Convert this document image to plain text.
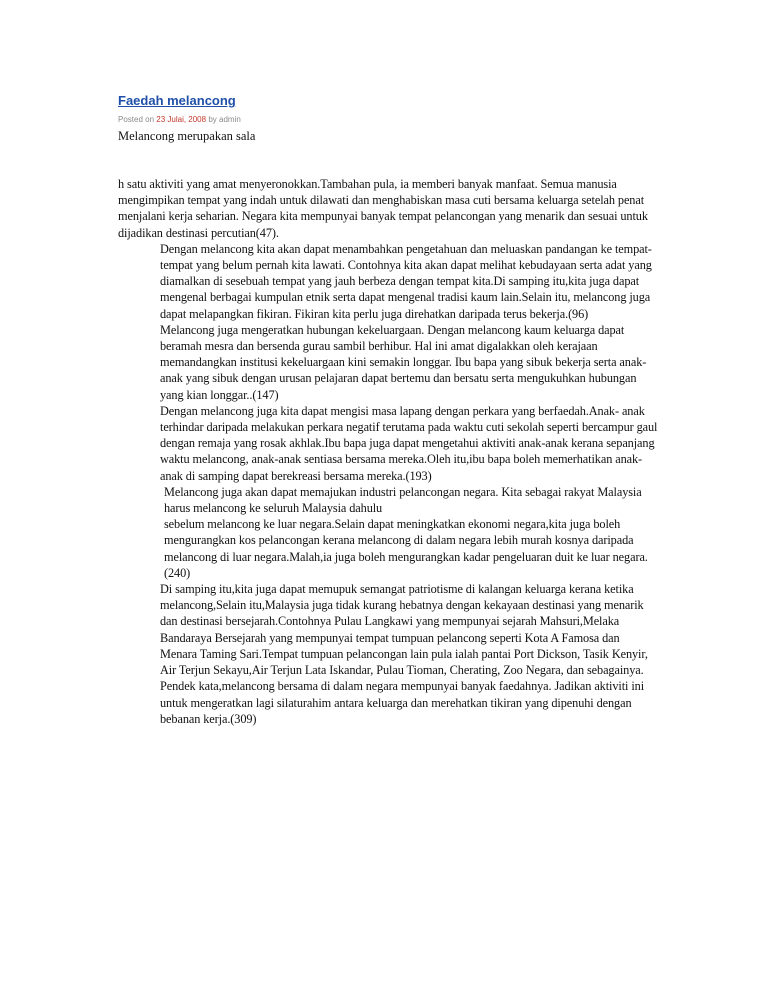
Faedah melancong
Posted on 23 Julai, 2008 by admin
Melancong merupakan sala

h satu aktiviti yang amat menyeronokkan.Tambahan pula, ia memberi banyak manfaat. Semua manusia mengimpikan tempat yang indah untuk dilawati dan menghabiskan masa cuti bersama keluarga setelah penat menjalani kerja seharian. Negara kita mempunyai banyak tempat pelancongan yang menarik dan sesuai untuk dijadikan destinasi percutian(47).

Dengan melancong kita akan dapat menambahkan pengetahuan dan meluaskan pandangan ke tempat-tempat yang belum pernah kita lawati. Contohnya kita akan dapat melihat kebudayaan serta adat yang diamalkan di sesebuah tempat yang jauh berbeza dengan tempat kita.Di samping itu,kita juga dapat mengenal berbagai kumpulan etnik serta dapat mengenal tradisi kaum lain.Selain itu, melancong juga dapat melapangkan fikiran. Fikiran kita perlu juga direhatkan daripada terus bekerja.(96)

Melancong juga mengeratkan hubungan kekeluargaan. Dengan melancong kaum keluarga dapat beramah mesra dan bersenda gurau sambil berhibur. Hal ini amat digalakkan oleh kerajaan memandangkan institusi kekeluargaan kini semakin longgar. Ibu bapa yang sibuk bekerja serta anak-anak yang sibuk dengan urusan pelajaran dapat bertemu dan bersatu serta mengukuhkan hubungan yang kian longgar..(147)

Dengan melancong juga kita dapat mengisi masa lapang dengan perkara yang berfaedah.Anak- anak terhindar daripada melakukan perkara negatif terutama pada waktu cuti sekolah seperti bercampur gaul dengan remaja yang rosak akhlak.Ibu bapa juga dapat mengetahui aktiviti anak-anak kerana sepanjang waktu melancong, anak-anak sentiasa bersama mereka.Oleh itu,ibu bapa boleh memerhatikan anak-anak di samping dapat berekreasi bersama mereka.(193)

Melancong juga akan dapat memajukan industri pelancongan negara. Kita sebagai rakyat Malaysia harus melancong ke seluruh Malaysia dahulu

sebelum melancong ke luar negara.Selain dapat meningkatkan ekonomi negara,kita juga boleh mengurangkan kos pelancongan kerana melancong di dalam negara lebih murah kosnya daripada melancong di luar negara.Malah,ia juga boleh mengurangkan kadar pengeluaran duit ke luar negara.(240)

Di samping itu,kita juga dapat memupuk semangat patriotisme di kalangan keluarga kerana ketika melancong,Selain itu,Malaysia juga tidak kurang hebatnya dengan kekayaan destinasi yang menarik dan destinasi bersejarah.Contohnya Pulau Langkawi yang mempunyai sejarah Mahsuri,Melaka Bandaraya Bersejarah yang mempunyai tempat tumpuan pelancong seperti Kota A Famosa dan Menara Taming Sari.Tempat tumpuan pelancongan lain pula ialah pantai Port Dickson, Tasik Kenyir, Air Terjun Sekayu,Air Terjun Lata Iskandar, Pulau Tioman, Cherating, Zoo Negara, dan sebagainya.

Pendek kata,melancong bersama di dalam negara mempunyai banyak faedahnya. Jadikan aktiviti ini untuk mengeratkan lagi silaturahim antara keluarga dan merehatkan tikiran yang dipenuhi dengan bebanan kerja.(309)
